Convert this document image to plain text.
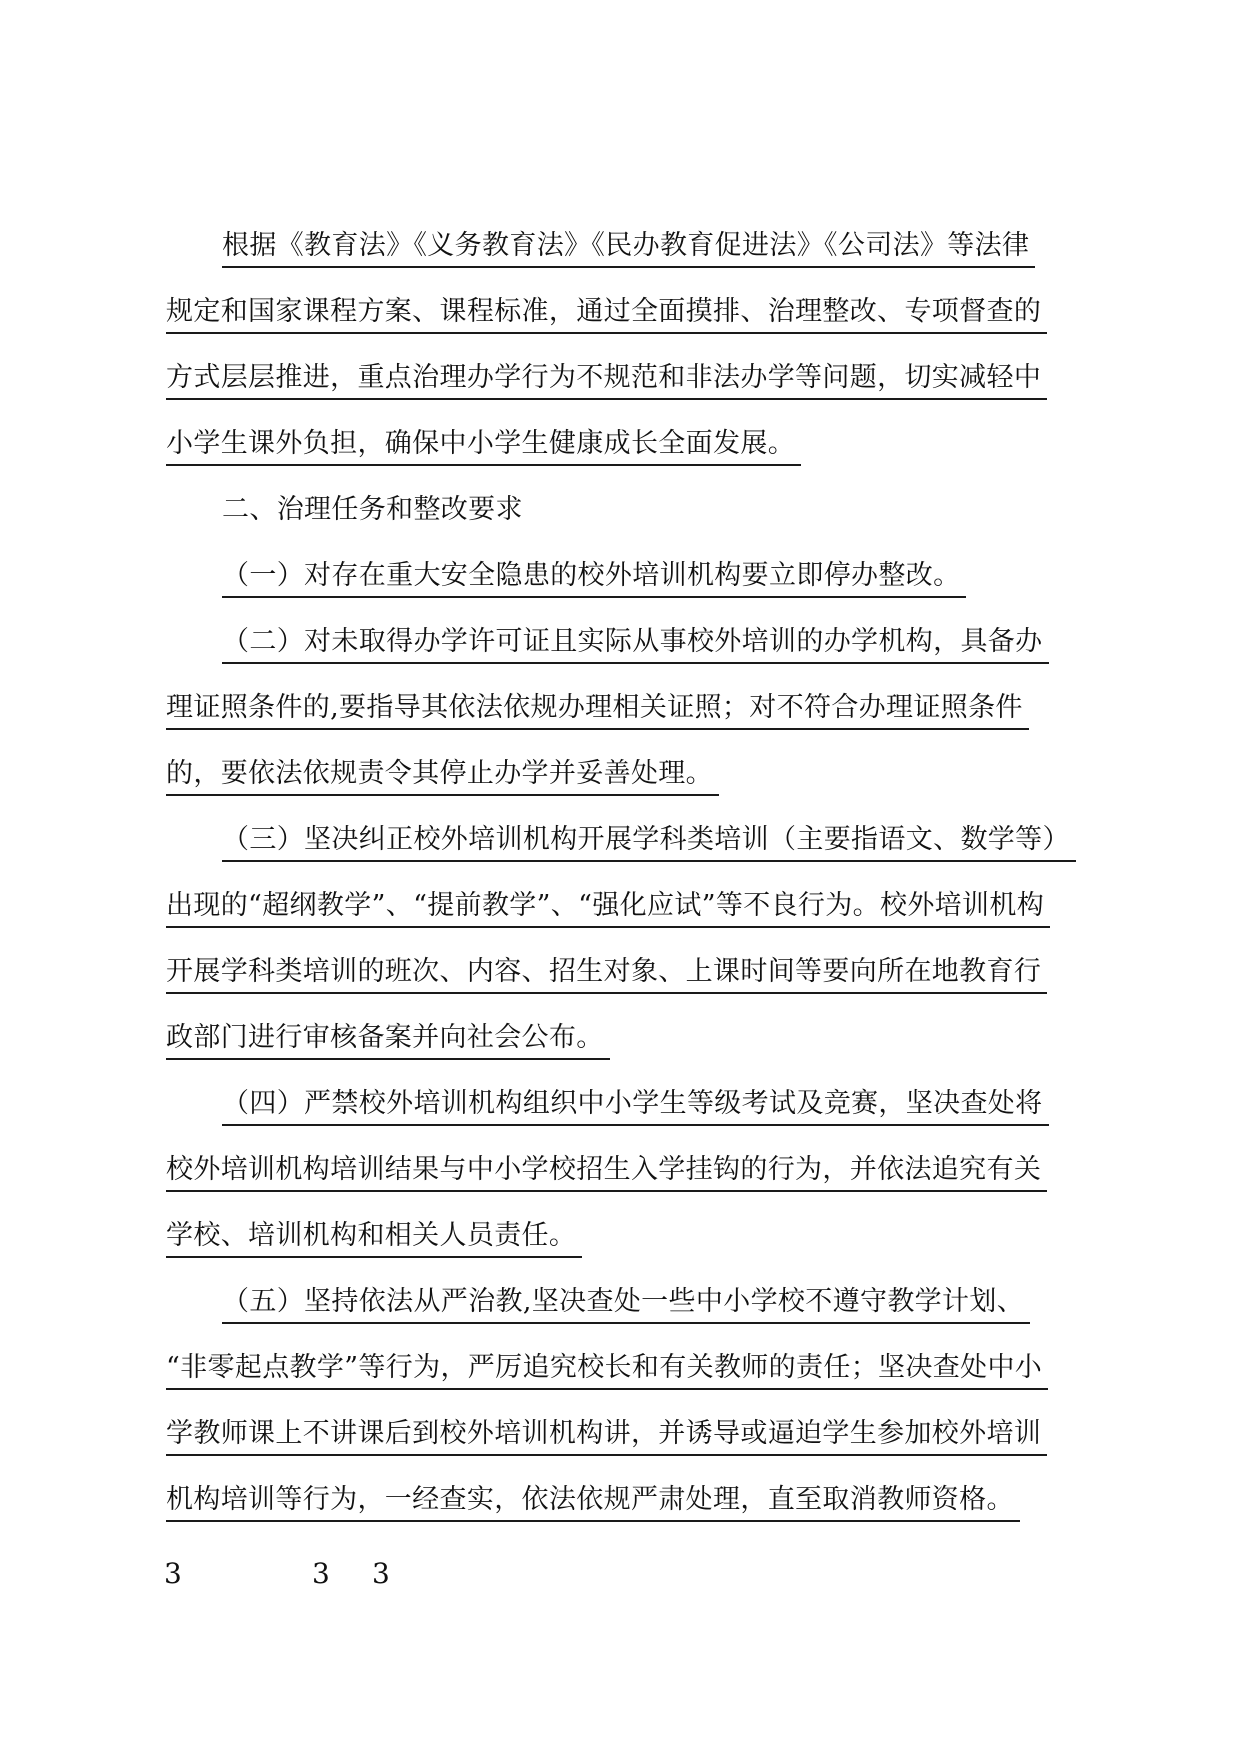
根据《教育法》《义务教育法》《民办教育促进法》《公司法》等法律
规定和国家课程方案、课程标准，通过全面摸排、治理整改、专项督查的
方式层层推进，重点治理办学行为不规范和非法办学等问题，切实减轻中
小学生课外负担，确保中小学生健康成长全面发展。
二、治理任务和整改要求
（一）对存在重大安全隐患的校外培训机构要立即停办整改。
（二）对未取得办学许可证且实际从事校外培训的办学机构，具备办
理证照条件的,要指导其依法依规办理相关证照；对不符合办理证照条件
的，要依法依规责令其停止办学并妥善处理。
（三）坚决纠正校外培训机构开展学科类培训（主要指语文、数学等）
出现的“超纲教学”、“提前教学”、“强化应试”等不良行为。校外培训机构
开展学科类培训的班次、内容、招生对象、上课时间等要向所在地教育行
政部门进行审核备案并向社会公布。
（四）严禁校外培训机构组织中小学生等级考试及竞赛，坚决查处将
校外培训机构培训结果与中小学校招生入学挂钩的行为，并依法追究有关
学校、培训机构和相关人员责任。
（五）坚持依法从严治教,坚决查处一些中小学校不遵守教学计划、
“非零起点教学”等行为，严厉追究校长和有关教师的责任；坚决查处中小
学教师课上不讲课后到校外培训机构讲，并诱导或逼迫学生参加校外培训
机构培训等行为，一经查实，依法依规严肃处理，直至取消教师资格。
3	3 3
